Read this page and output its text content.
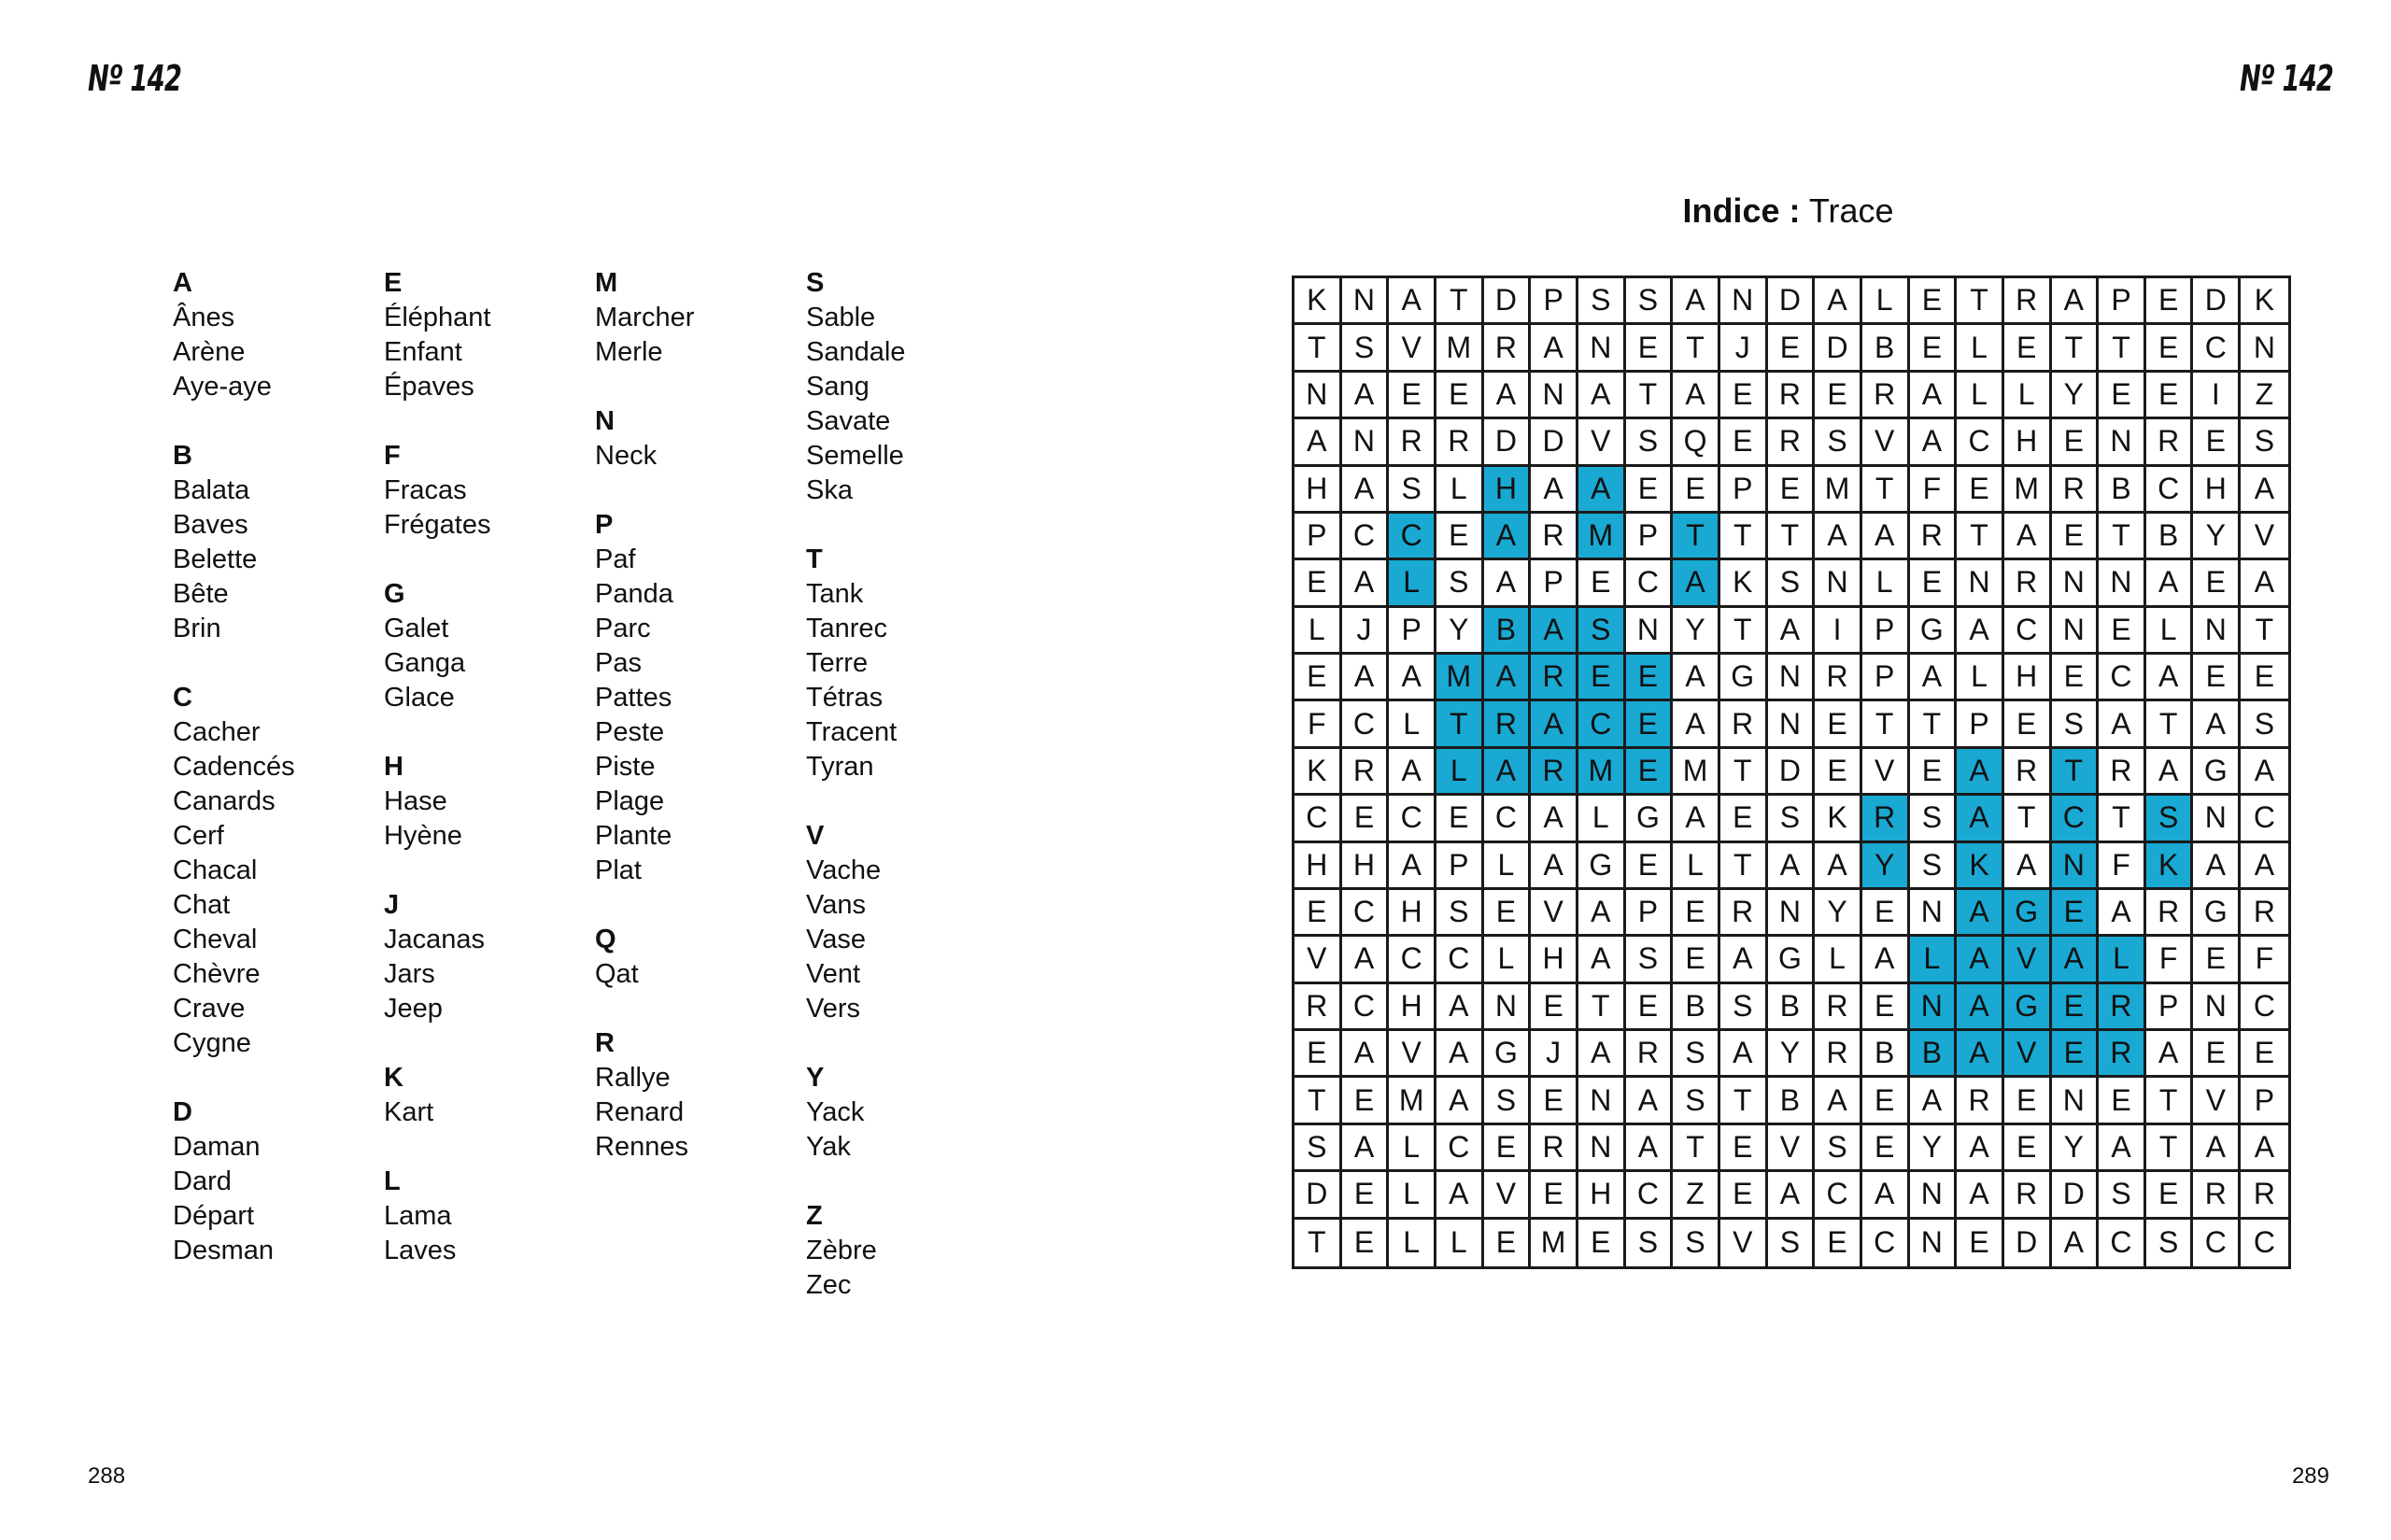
Nº 142	Nº 142
A
Ânes
Arène
Aye-aye
B
Balata
Baves
Belette
Bête
Brin
C
Cacher
Cadencés
Canards
Cerf
Chacal
Chat
Cheval
Chèvre
Crave
Cygne
D
Daman
Dard
Départ
Desman
E
Éléphant
Enfant
Épaves
F
Fracas
Frégates
G
Galet
Ganga
Glace
H
Hase
Hyène
J
Jacanas
Jars
Jeep
K
Kart
L
Lama
Laves
M
Marcher
Merle
N
Neck
P
Paf
Panda
Parc
Pas
Pattes
Peste
Piste
Plage
Plante
Plat
Q
Qat
R
Rallye
Renard
Rennes
S
Sable
Sandale
Sang
Savate
Semelle
Ska
T
Tank
Tanrec
Terre
Tétras
Tracent
Tyran
V
Vache
Vans
Vase
Vent
Vers
Y
Yack
Yak
Z
Zèbre
Zec
Indice : Trace
K N A T D P S S A N D A L E T R A P E D K
T S V M R A N E T	J E D B E L E T T E C N
N A E E A N A T A E R E R A L	L Y E E	I	Z
A N R R D D V S Q E R S V A C H E N R E S
H A S L H A A E E P E M T F E M R B C H A
P C C E A R M P T T T A A R T A E T B Y V
E A L S A P E C A K S N L E N R N N A E A
L	J P Y B A S N Y T A	I	P G A C N E L N T
E A A M A R E E A G N R P A L H E C A E E
F C L T R A C E A R N E T T P E S A T A S
K R A L A R M E M T D E V E A R T R A G A
C E C E C A L G A E S K R S A T C T S N C
H H A P L A G E L T A A Y S K A N F K A A
E C H S E V A P E R N Y E N A G E A R G R
V A C C L H A S E A G L A L A V A L F E F
R C H A N E T E B S B R E N A G E R P N C
E A V A G J A R S A Y R B B A V E R A E E
T E M A S E N A S T B A E A R E N E T V P
S A L C E R N A T E V S E Y A E Y A T A A
D E L A V E H C Z E A C A N A R D S E R R
T E L	L E M E S S V S E C N E D A C S C C
288	289
